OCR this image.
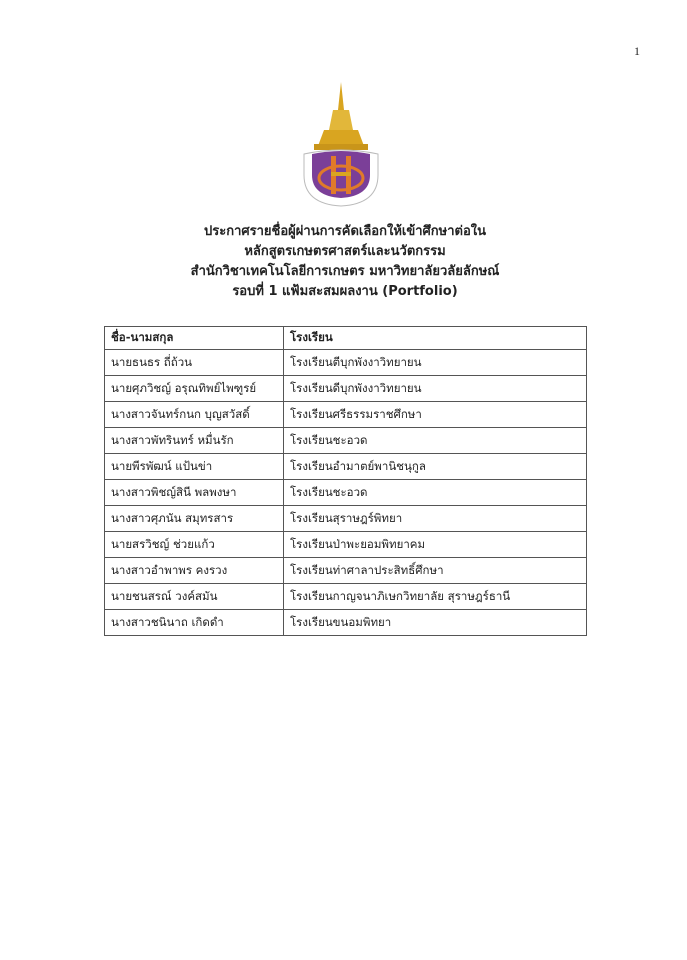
1
ประกาศรายชื่อผู้ผ่านการคัดเลือกให้เข้าศึกษาต่อใน
หลักสูตรเกษตรศาสตร์และนวัตกรรม
สำนักวิชาเทคโนโลยีการเกษตร มหาวิทยาลัยวลัยลักษณ์
รอบที่ 1 แฟ้มสะสมผลงาน (Portfolio)
ชื่อ-นามสกุล	โรงเรียน
นายธนธร ถี่ถ้วน	โรงเรียนตีบุกพังงาวิทยายน
นายศุภวิชญ์ อรุณทิพย์ไพฑูรย์	โรงเรียนดีบุกพังงาวิทยายน
นางสาวจันทร์กนก บุญสวัสดิ์	โรงเรียนศรีธรรมราชศึกษา
นางสาวพัทรินทร์ หมื่นรัก	โรงเรียนชะอวด
นายพีรพัฒน์ แป้นข่า	โรงเรียนอำมาตย์พานิชนุกูล
นางสาวพิชญ์สินี พลพงษา	โรงเรียนชะอวด
นางสาวศุภนัน สมุทรสาร	โรงเรียนสุราษฎร์พิทยา
นายสรวิชญ์ ช่วยแก้ว	โรงเรียนป่าพะยอมพิทยาคม
นางสาวอำพาพร คงรวง	โรงเรียนท่าศาลาประสิทธิ์ศึกษา
นายชนสรณ์ วงค์สมัน	โรงเรียนกาญจนาภิเษกวิทยาลัย สุราษฎร์ธานี
นางสาวชนินาถ เกิดดำ	โรงเรียนขนอมพิทยา
